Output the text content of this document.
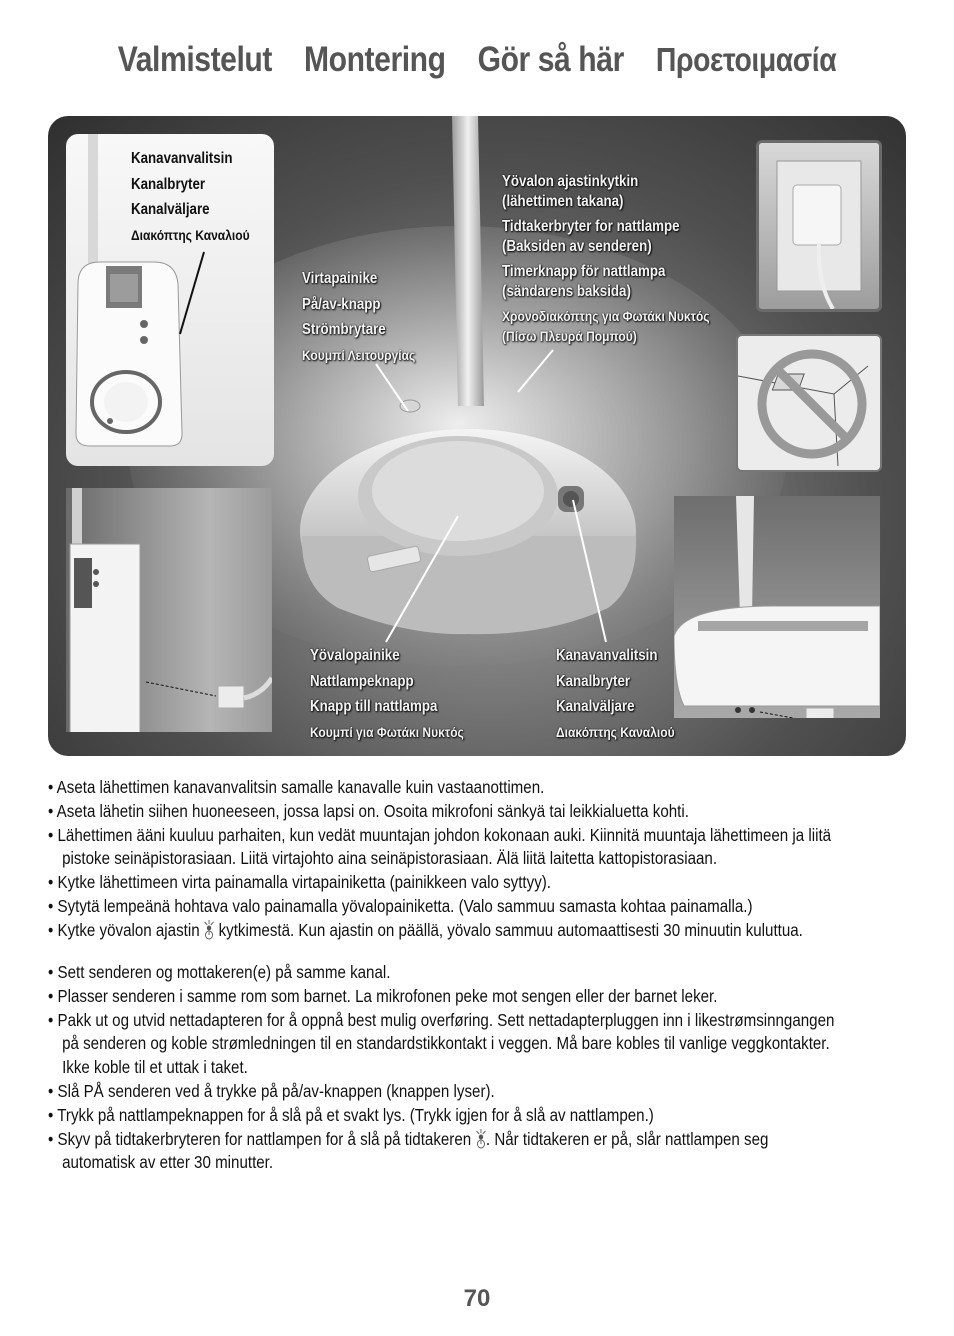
Valmistelut Montering Gör så här Προετοιμασία
Kanavanvalitsin
Kanalbryter
Kanalväljare
Διακόπτης Καναλιού
Virtapainike
På/av-knapp
Strömbrytare
Κουμπί Λειτουργίας
Yövalon ajastinkytkin
(lähettimen takana)
Tidtakerbryter for nattlampe
(Baksiden av senderen)
Timerknapp för nattlampa
(sändarens baksida)
Χρονοδιακόπτης για Φωτάκι Νυκτός
(Πίσω Πλευρά Πομπού)
Yövalopainike
Nattlampeknapp
Knapp till nattlampa
Κουμπί για Φωτάκι Νυκτός
Kanavanvalitsin
Kanalbryter
Kanalväljare
Διακόπτης Καναλιού
• Aseta lähettimen kanavanvalitsin samalle kanavalle kuin vastaanottimen.
• Aseta lähetin siihen huoneeseen, jossa lapsi on. Osoita mikrofoni sänkyä tai leikkialuetta kohti.
• Lähettimen ääni kuuluu parhaiten, kun vedät muuntajan johdon kokonaan auki. Kiinnitä muuntaja lähettimeen ja liitä pistoke seinäpistorasiaan. Liitä virtajohto aina seinäpistorasiaan. Älä liitä laitetta kattopistorasiaan.
• Kytke lähettimeen virta painamalla virtapainiketta (painikkeen valo syttyy).
• Sytytä lempeänä hohtava valo painamalla yövalopainiketta. (Valo sammuu samasta kohtaa painamalla.)
• Kytke yövalon ajastin  kytkimestä. Kun ajastin on päällä, yövalo sammuu automaattisesti 30 minuutin kuluttua.
• Sett senderen og mottakeren(e) på samme kanal.
• Plasser senderen i samme rom som barnet. La mikrofonen peke mot sengen eller der barnet leker.
• Pakk ut og utvid nettadapteren for å oppnå best mulig overføring. Sett nettadapterpluggen inn i likestrømsinngangen på senderen og koble strømledningen til en standardstikkontakt i veggen. Må bare kobles til vanlige veggkontakter. Ikke koble til et uttak i taket.
• Slå PÅ senderen ved å trykke på på/av-knappen (knappen lyser).
• Trykk på nattlampeknappen for å slå på et svakt lys. (Trykk igjen for å slå av nattlampen.)
• Skyv på tidtakerbryteren for nattlampen for å slå på tidtakeren . Når tidtakeren er på, slår nattlampen seg automatisk av etter 30 minutter.
70
